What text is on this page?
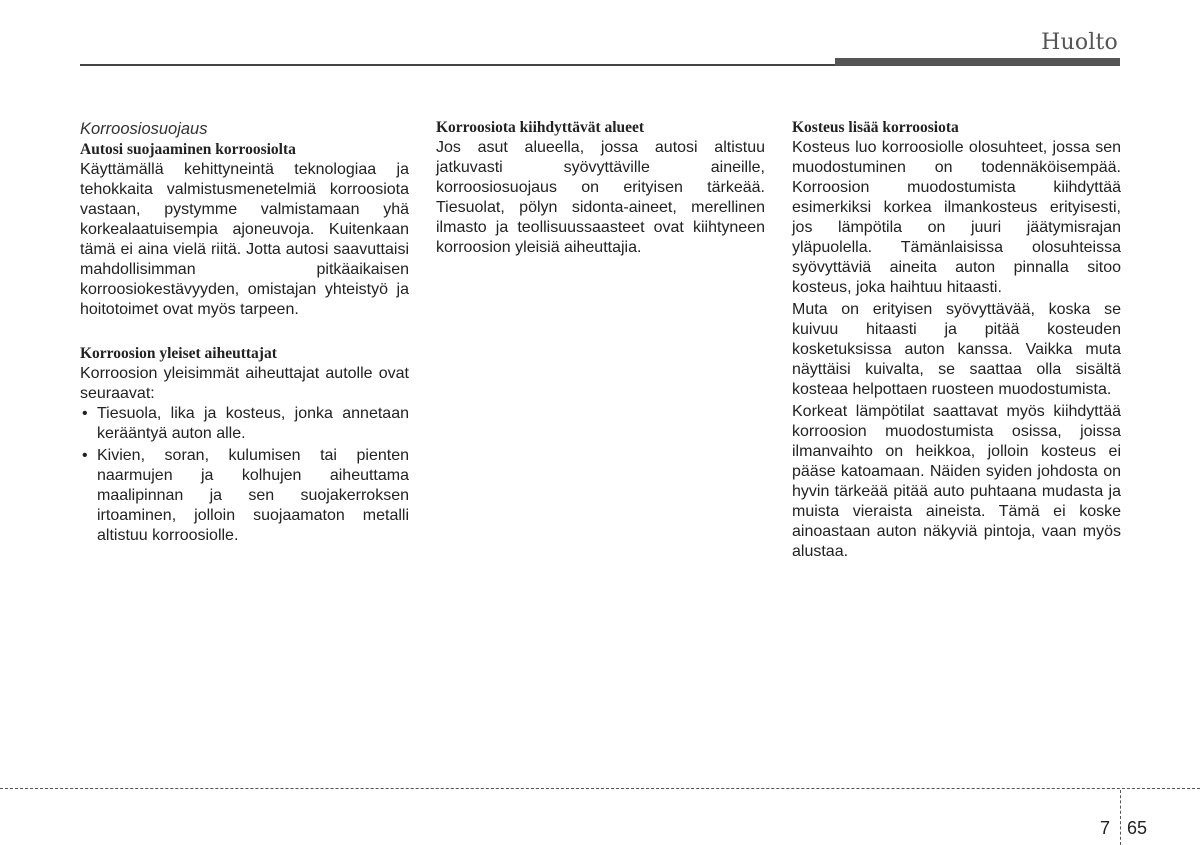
Huolto

Korroosiosuojaus

Autosi suojaaminen korroosiolta

Käyttämällä kehittyneintä teknologiaa ja tehokkaita valmistusmenetelmiä korroosiota vastaan, pystymme valmistamaan yhä korkealaatuisempia ajoneuvoja. Kuitenkaan tämä ei aina vielä riitä. Jotta autosi saavuttaisi mahdollisimman pitkäaikaisen korroosiokestävyyden, omistajan yhteistyö ja hoitotoimet ovat myös tarpeen.

Korroosion yleiset aiheuttajat

Korroosion yleisimmät aiheuttajat autolle ovat seuraavat:

• Tiesuola, lika ja kosteus, jonka annetaan kerääntyä auton alle.
• Kivien, soran, kulumisen tai pienten naarmujen ja kolhujen aiheuttama maalipinnan ja sen suojakerroksen irtoaminen, jolloin suojaamaton metalli altistuu korroosiolle.

Korroosiota kiihdyttävät alueet

Jos asut alueella, jossa autosi altistuu jatkuvasti syövyttäville aineille, korroosiosuojaus on erityisen tärkeää. Tiesuolat, pölyn sidonta-aineet, merellinen ilmasto ja teollisuussaasteet ovat kiihtyneen korroosion yleisiä aiheuttajia.

Kosteus lisää korroosiota

Kosteus luo korroosiolle olosuhteet, jossa sen muodostuminen on todennäköisempää. Korroosion muodostumista kiihdyttää esimerkiksi korkea ilmankosteus erityisesti, jos lämpötila on juuri jäätymisrajan yläpuolella. Tämänlaisissa olosuhteissa syövyttäviä aineita auton pinnalla sitoo kosteus, joka haihtuu hitaasti.

Muta on erityisen syövyttävää, koska se kuivuu hitaasti ja pitää kosteuden kosketuksissa auton kanssa. Vaikka muta näyttäisi kuivalta, se saattaa olla sisältä kosteaa helpottaen ruosteen muodostumista.

Korkeat lämpötilat saattavat myös kiihdyttää korroosion muodostumista osissa, joissa ilmanvaihto on heikkoa, jolloin kosteus ei pääse katoamaan. Näiden syiden johdosta on hyvin tärkeää pitää auto puhtaana mudasta ja muista vieraista aineista. Tämä ei koske ainoastaan auton näkyviä pintoja, vaan myös alustaa.

7 65
